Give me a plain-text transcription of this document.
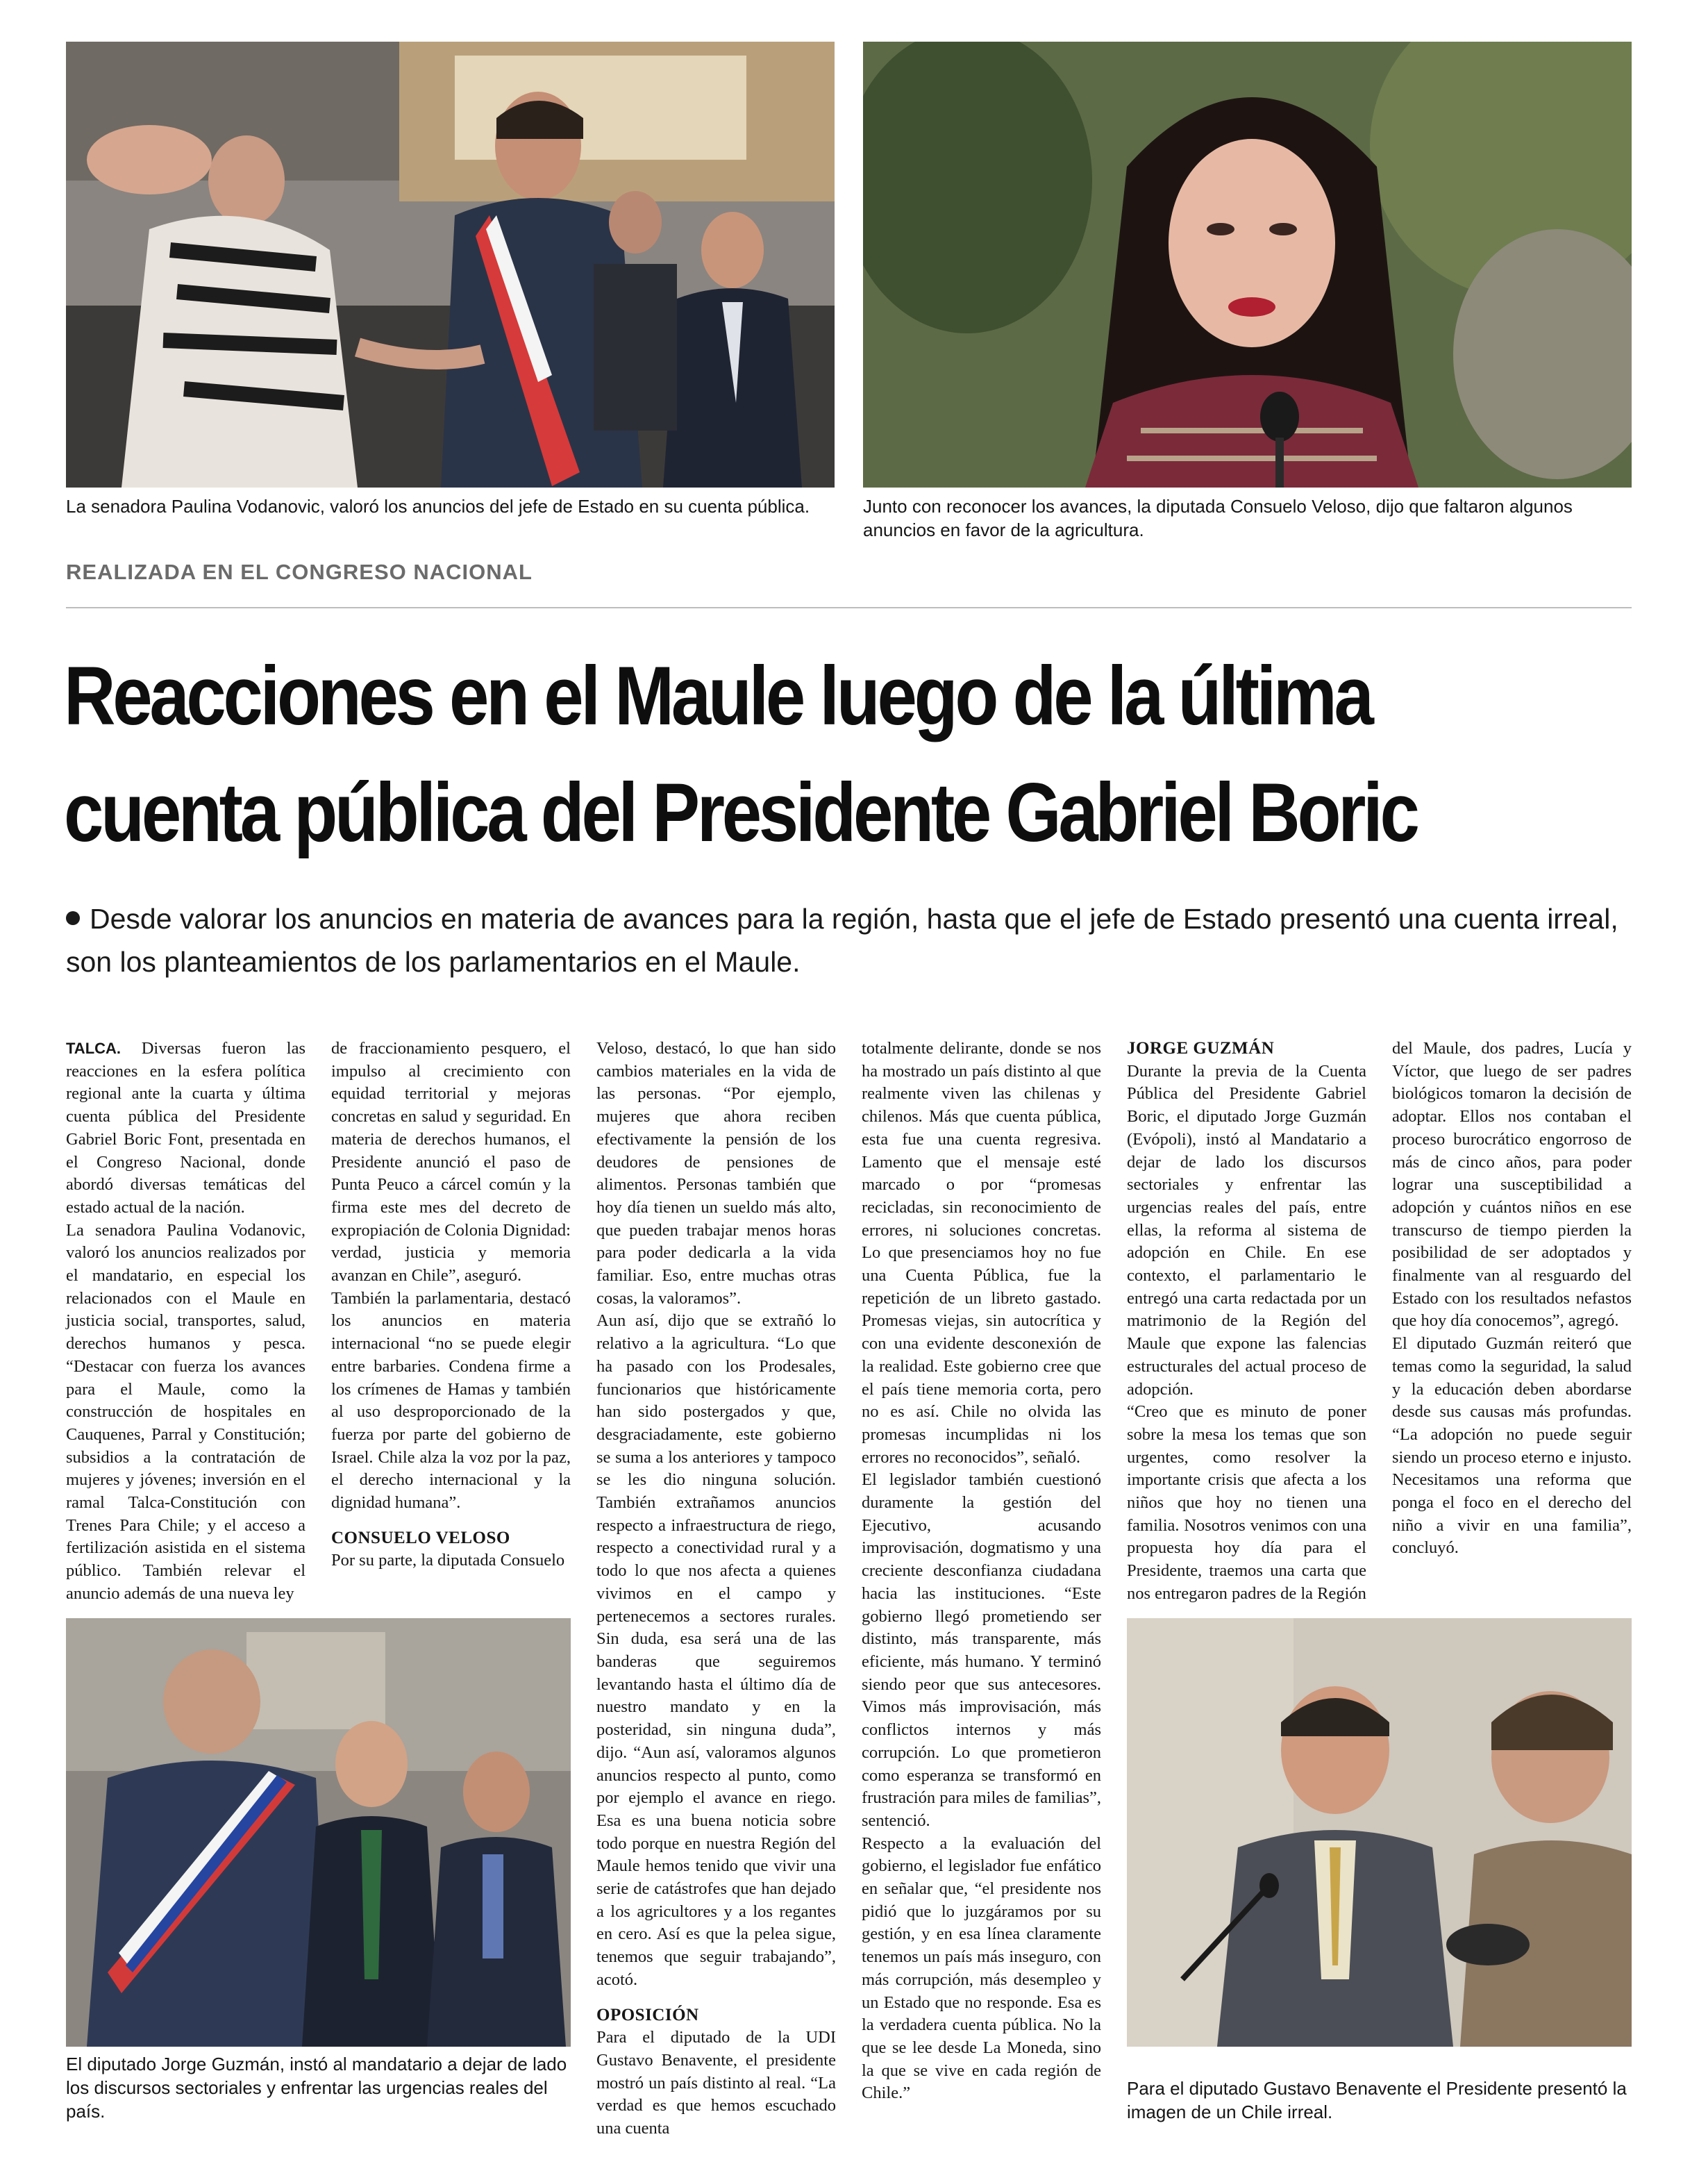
La senadora Paulina Vodanovic, valoró los anuncios del jefe de Estado en su cuenta pública.	Junto con reconocer los avances, la diputada Consuelo Veloso, dijo que faltaron algunos
anuncios en favor de la agricultura.
REALIZADA EN EL CONGRESO NACIONAL
Reacciones en el Maule luego de la última
cuenta pública del Presidente Gabriel Boric
Desde valorar los anuncios en materia de avances para la región, hasta que el jefe de Estado presentó una cuenta irreal, son los planteamientos de los parlamentarios en el Maule.

TALCA. Diversas fueron las reacciones en la esfera política regional ante la cuarta y última cuenta pública del Presidente Gabriel Boric Font, presentada en el Congreso Nacional, donde abordó diversas temáticas del estado actual de la nación.

La senadora Paulina Vodanovic, valoró los anuncios realizados por el mandatario, en especial los relacionados con el Maule en justicia social, transportes, salud, derechos humanos y pesca. “Destacar con fuerza los avances para el Maule, como la construcción de hospitales en Cauquenes, Parral y Constitución; subsidios a la contratación de mujeres y jóvenes; inversión en el ramal Talca-Constitución con Trenes Para Chile; y el acceso a fertilización asistida en el sistema público. También relevar el anuncio además de una nueva ley

de fraccionamiento pesquero, el impulso al crecimiento con equidad territorial y mejoras concretas en salud y seguridad. En materia de derechos humanos, el Presidente anunció el paso de Punta Peuco a cárcel común y la firma este mes del decreto de expropiación de Colonia Dignidad: verdad, justicia y memoria avanzan en Chile”, aseguró.

También la parlamentaria, destacó los anuncios en materia internacional “no se puede elegir entre barbaries. Condena firme a los crímenes de Hamas y también al uso desproporcionado de la fuerza por parte del gobierno de Israel. Chile alza la voz por la paz, el derecho internacional y la dignidad humana”.

CONSUELO VELOSO

Por su parte, la diputada Consuelo

Veloso, destacó, lo que han sido cambios materiales en la vida de las personas. “Por ejemplo, mujeres que ahora reciben efectivamente la pensión de los deudores de pensiones de alimentos. Personas también que hoy día tienen un sueldo más alto, que pueden trabajar menos horas para poder dedicarla a la vida familiar. Eso, entre muchas otras cosas, la valoramos”.

Aun así, dijo que se extrañó lo relativo a la agricultura. “Lo que ha pasado con los Prodesales, funcionarios que históricamente han sido postergados y que, desgraciadamente, este gobierno se suma a los anteriores y tampoco se les dio ninguna solución. También extrañamos anuncios respecto a infraestructura de riego, respecto a conectividad rural y a todo lo que nos afecta a quienes vivimos en el campo y pertenecemos a sectores rurales. Sin duda, esa será una de las banderas que seguiremos levantando hasta el último día de nuestro mandato y en la posteridad, sin ninguna duda”, dijo. “Aun así, valoramos algunos anuncios respecto al punto, como por ejemplo el avance en riego. Esa es una buena noticia sobre todo porque en nuestra Región del Maule hemos tenido que vivir una serie de catástrofes que han dejado a los agricultores y a los regantes en cero. Así es que la pelea sigue, tenemos que seguir trabajando”, acotó.

OPOSICIÓN

Para el diputado de la UDI Gustavo Benavente, el presidente mostró un país distinto al real. “La verdad es que hemos escuchado una cuenta

totalmente delirante, donde se nos ha mostrado un país distinto al que realmente viven las chilenas y chilenos. Más que cuenta pública, esta fue una cuenta regresiva. Lamento que el mensaje esté marcado o por “promesas recicladas, sin reconocimiento de errores, ni soluciones concretas. Lo que presenciamos hoy no fue una Cuenta Pública, fue la repetición de un libreto gastado. Promesas viejas, sin autocrítica y con una evidente desconexión de la realidad. Este gobierno cree que el país tiene memoria corta, pero no es así. Chile no olvida las promesas incumplidas ni los errores no reconocidos”, señaló.

El legislador también cuestionó duramente la gestión del Ejecutivo, acusando improvisación, dogmatismo y una creciente desconfianza ciudadana hacia las instituciones. “Este gobierno llegó prometiendo ser distinto, más transparente, más eficiente, más humano. Y terminó siendo peor que sus antecesores. Vimos más improvisación, más conflictos internos y más corrupción. Lo que prometieron como esperanza se transformó en frustración para miles de familias”, sentenció.

Respecto a la evaluación del gobierno, el legislador fue enfático en señalar que, “el presidente nos pidió que lo juzgáramos por su gestión, y en esa línea claramente tenemos un país más inseguro, con más corrupción, más desempleo y un Estado que no responde. Esa es la verdadera cuenta pública. No la que se lee desde La Moneda, sino la que se vive en cada región de Chile.”

JORGE GUZMÁN

Durante la previa de la Cuenta Pública del Presidente Gabriel Boric, el diputado Jorge Guzmán (Evópoli), instó al Mandatario a dejar de lado los discursos sectoriales y enfrentar las urgencias reales del país, entre ellas, la reforma al sistema de adopción en Chile. En ese contexto, el parlamentario le entregó una carta redactada por un matrimonio de la Región del Maule que expone las falencias estructurales del actual proceso de adopción.

“Creo que es minuto de poner sobre la mesa los temas que son urgentes, como resolver la importante crisis que afecta a los niños que hoy no tienen una familia. Nosotros venimos con una propuesta hoy día para el Presidente, traemos una carta que nos entregaron padres de la Región

del Maule, dos padres, Lucía y Víctor, que luego de ser padres biológicos tomaron la decisión de adoptar. Ellos nos contaban el proceso burocrático engorroso de más de cinco años, para poder lograr una susceptibilidad a adopción y cuántos niños en ese transcurso de tiempo pierden la posibilidad de ser adoptados y finalmente van al resguardo del Estado con los resultados nefastos que hoy día conocemos”, agregó.

El diputado Guzmán reiteró que temas como la seguridad, la salud y la educación deben abordarse desde sus causas más profundas. “La adopción no puede seguir siendo un proceso eterno e injusto. Necesitamos una reforma que ponga el foco en el derecho del niño a vivir en una familia”, concluyó.

El diputado Jorge Guzmán, instó al mandatario a dejar de lado
los discursos sectoriales y enfrentar las urgencias reales del
país.
Para el diputado Gustavo Benavente el Presidente presentó la
imagen de un Chile irreal.
